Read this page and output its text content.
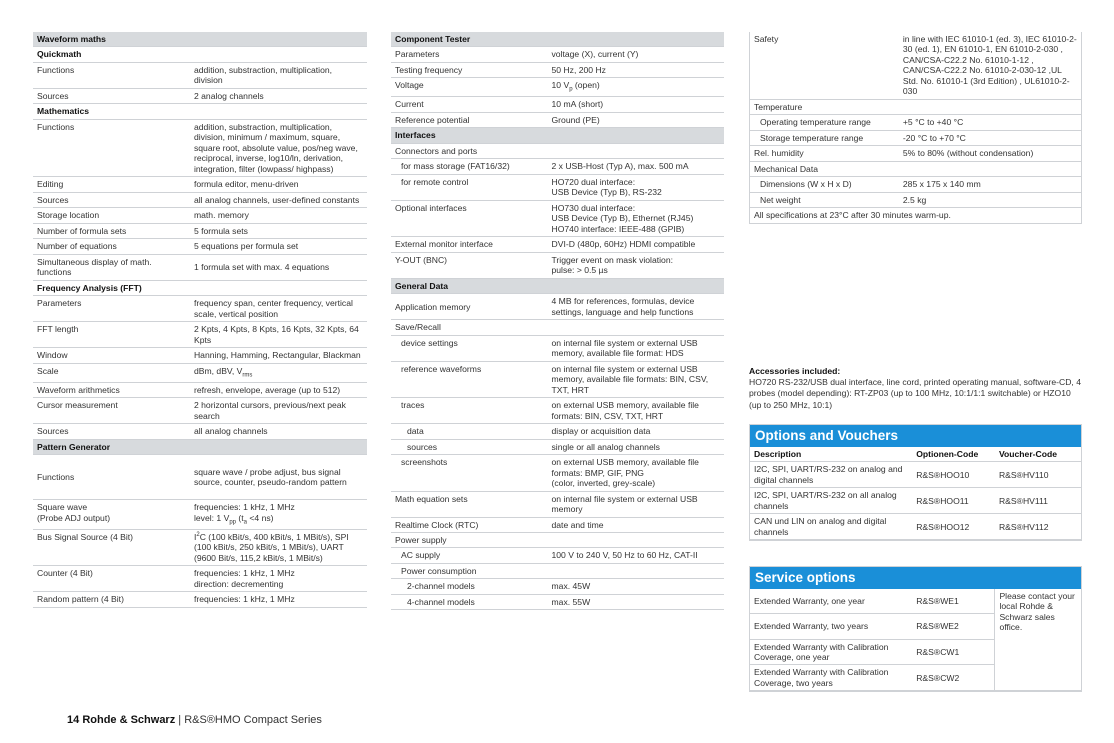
Waveform maths	
Quickmath	
Functions	addition, substraction, multiplication, division
Sources	2 analog channels
Mathematics	
Functions	addition, substraction, multiplication, division, minimum / maximum, square, square root, absolute value, pos/neg wave, reciprocal, inverse, log10/ln, derivation, integration, filter (lowpass/ highpass)
Editing	formula editor, menu-driven
Sources	all analog channels, user-defined constants
Storage location	math. memory
Number of formula sets	5 formula sets
Number of equations	5 equations per formula set
Simultaneous display of math. functions	1 formula set with max. 4 equations
Frequency Analysis (FFT)	
Parameters	frequency span, center frequency, vertical scale, vertical position
FFT length	2 Kpts, 4 Kpts, 8 Kpts, 16 Kpts, 32 Kpts, 64 Kpts
Window	Hanning, Hamming, Rectangular, Blackman
Scale	dBm, dBV, $V_{rms}$
Waveform arithmetics	refresh, envelope, average (up to 512)
Cursor measurement	2 horizontal cursors, previous/next peak search
Sources	all analog channels
Pattern Generator	
Functions	square wave / probe adjust, bus signal source, counter, pseudo-random pattern
Square wave
(Probe ADJ output)	frequencies: 1 kHz, 1 MHz
level: 1 $V_{pp}$ ($t_a <4$ ns)
Bus Signal Source (4 Bit)	$I^2C$ (100 kBit/s, 400 kBit/s, 1 MBit/s), SPI (100 kBit/s, 250 kBit/s, 1 MBit/s), UART (9600 Bit/s, 115,2 kBit/s, 1 MBit/s)
Counter (4 Bit)	frequencies: 1 kHz, 1 MHz
direction: decrementing
Random pattern (4 Bit)	frequencies: 1 kHz, 1 MHz
Component Tester	
Parameters	voltage (X), current (Y)
Testing frequency	50 Hz, 200 Hz
Voltage	10 $V_p$ (open)
Current	10 mA (short)
Reference potential	Ground (PE)
Interfaces	
Connectors and ports	
for mass storage (FAT16/32)	2 x USB-Host (Typ A), max. 500 mA
for remote control	HO720 dual interface:
USB Device (Typ B), RS-232
Optional interfaces	HO730 dual interface:
USB Device (Typ B), Ethernet (RJ45)
HO740 interface: IEEE-488 (GPIB)
External monitor interface	DVI-D (480p, 60Hz) HDMI compatible
Y-OUT (BNC)	Trigger event on mask violation:
pulse: > 0.5 µs
General Data	
Application memory	4 MB for references, formulas, device settings, language and help functions
Save/Recall	
device settings	on internal file system or external USB memory, available file format: HDS
reference waveforms	on internal file system or external USB memory, available file formats: BIN, CSV, TXT, HRT
traces	on external USB memory, available file formats: BIN, CSV, TXT, HRT
data	display or acquisition data
sources	single or all analog channels
screenshots	on external USB memory, available file formats: BMP, GIF, PNG
(color, inverted, grey-scale)
Math equation sets	on internal file system or external USB memory
Realtime Clock (RTC)	date and time
Power supply	
AC supply	100 V to 240 V, 50 Hz to 60 Hz, CAT-II
Power consumption	
2-channel models	max. 45W
4-channel models	max. 55W
Safety	in line with IEC 61010-1 (ed. 3), IEC 61010-2-30 (ed. 1), EN 61010-1, EN 61010-2-030 , CAN/CSA-C22.2 No. 61010-1-12 , CAN/CSA-C22.2 No. 61010-2-030-12 ,UL Std. No. 61010-1 (3rd Edition) , UL61010-2-030
Temperature	
Operating temperature range	+5 °C to +40 °C
Storage temperature range	-20 °C to +70 °C
Rel. humidity	5% to 80% (without condensation)
Mechanical Data	
Dimensions (W x H x D)	285 x 175 x 140 mm
Net weight	2.5 kg
All specifications at 23°C after 30 minutes warm-up.	
Accessories included:
HO720 RS-232/USB dual interface, line cord, printed operating manual, software-CD, 4 probes (model depending): RT-ZP03 (up to 100 MHz, 10:1/1:1 switchable) or HZO10 (up to 250 MHz, 10:1)
Options and Vouchers
Description	Optionen-Code	Voucher-Code
I2C, SPI, UART/RS-232 on analog and digital channels	R&S®HOO10	R&S®HV110
I2C, SPI, UART/RS-232 on all analog channels	R&S®HOO11	R&S®HV111
CAN und LIN on analog and digital channels	R&S®HOO12	R&S®HV112
Service options
Extended Warranty, one year	R&S®WE1	Please contact your local Rohde & Schwarz sales office.
Extended Warranty, two years	R&S®WE2	
Extended Warranty with Calibration Coverage, one year	R&S®CW1	
Extended Warranty with Calibration Coverage, two years	R&S®CW2	
14 Rohde & Schwarz | R&S®HMO Compact Series
